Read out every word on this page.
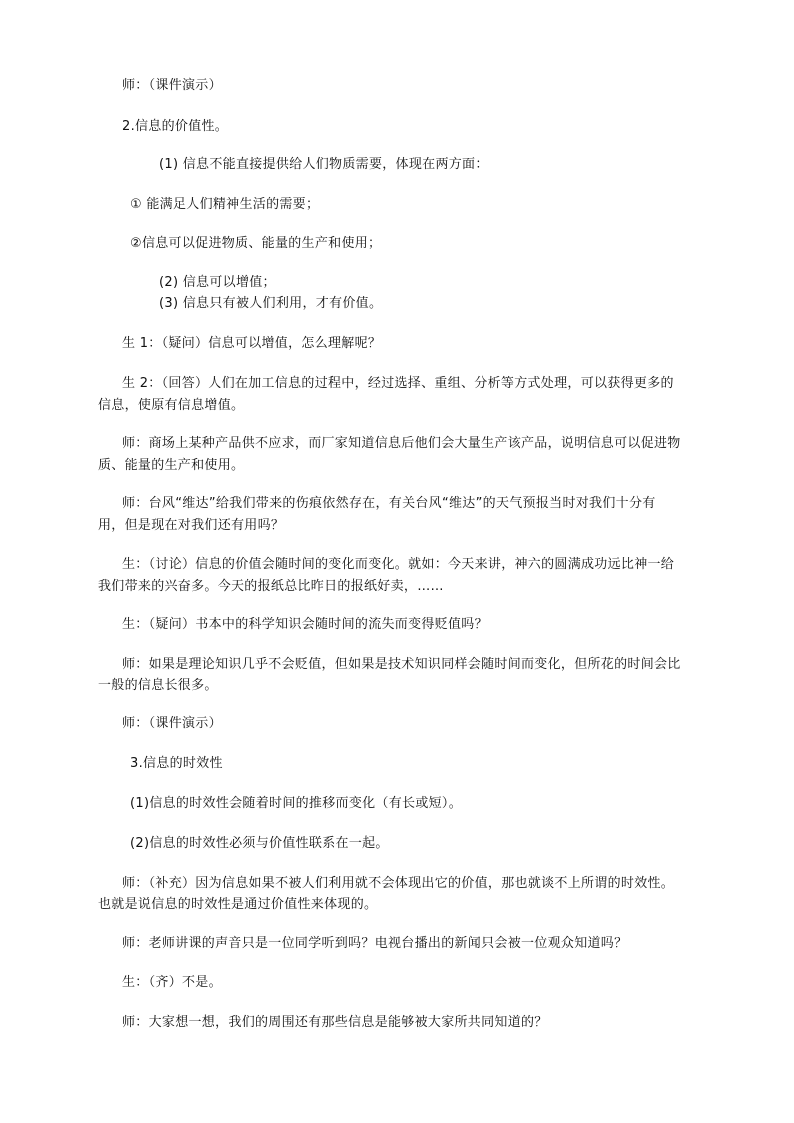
师：（课件演示）
2.信息的价值性。
(1) 信息不能直接提供给人们物质需要，体现在两方面：
① 能满足人们精神生活的需要；
②信息可以促进物质、能量的生产和使用；
(2) 信息可以增值；
(3) 信息只有被人们利用，才有价值。
生 1：（疑问）信息可以增值，怎么理解呢？
生 2：（回答）人们在加工信息的过程中，经过选择、重组、分析等方式处理，可以获得更多的
信息，使原有信息增值。
师：商场上某种产品供不应求，而厂家知道信息后他们会大量生产该产品，说明信息可以促进物
质、能量的生产和使用。
师：台风“维达”给我们带来的伤痕依然存在，有关台风“维达”的天气预报当时对我们十分有
用，但是现在对我们还有用吗？
生：（讨论）信息的价值会随时间的变化而变化。就如：今天来讲，神六的圆满成功远比神一给
我们带来的兴奋多。今天的报纸总比昨日的报纸好卖，……
生：（疑问）书本中的科学知识会随时间的流失而变得贬值吗？
师：如果是理论知识几乎不会贬值，但如果是技术知识同样会随时间而变化，但所花的时间会比
一般的信息长很多。
师：（课件演示）
3.信息的时效性
(1)信息的时效性会随着时间的推移而变化（有长或短）。
(2)信息的时效性必须与价值性联系在一起。
师：（补充）因为信息如果不被人们利用就不会体现出它的价值，那也就谈不上所谓的时效性。
也就是说信息的时效性是通过价值性来体现的。
师：老师讲课的声音只是一位同学听到吗？电视台播出的新闻只会被一位观众知道吗？
生：（齐）不是。
师：大家想一想，我们的周围还有那些信息是能够被大家所共同知道的？
